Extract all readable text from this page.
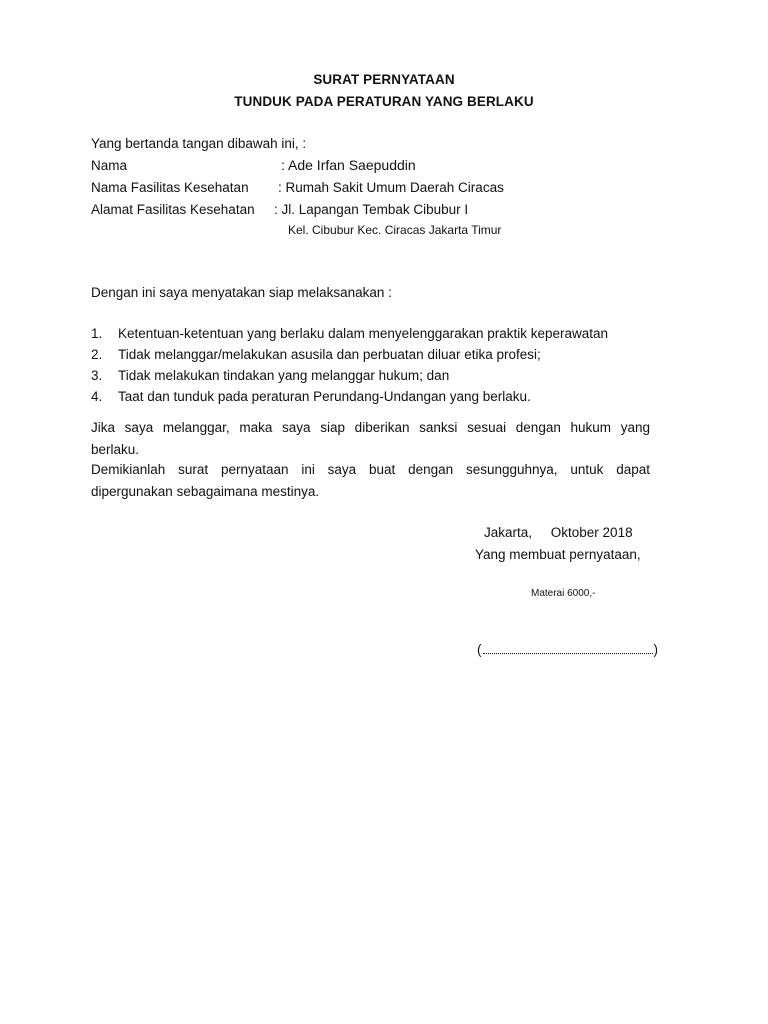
SURAT PERNYATAAN
TUNDUK PADA PERATURAN YANG BERLAKU
Yang bertanda tangan dibawah ini, :
Nama	: Ade Irfan Saepuddin
Nama Fasilitas Kesehatan : Rumah Sakit Umum Daerah Ciracas
Alamat Fasilitas Kesehatan : Jl. Lapangan Tembak Cibubur I
Kel. Cibubur Kec. Ciracas Jakarta Timur
Dengan ini saya menyatakan siap melaksanakan :
1. Ketentuan-ketentuan yang berlaku dalam menyelenggarakan praktik keperawatan
2. Tidak melanggar/melakukan asusila dan perbuatan diluar etika profesi;
3. Tidak melakukan tindakan yang melanggar hukum; dan
4. Taat dan tunduk pada peraturan Perundang-Undangan yang berlaku.
Jika saya melanggar, maka saya siap diberikan sanksi sesuai dengan hukum yang
berlaku.
Demikianlah surat pernyataan ini saya buat dengan sesungguhnya, untuk dapat
dipergunakan sebagaimana mestinya.
Jakarta,     Oktober 2018
Yang membuat pernyataan,
Materai 6000,-
(	)
